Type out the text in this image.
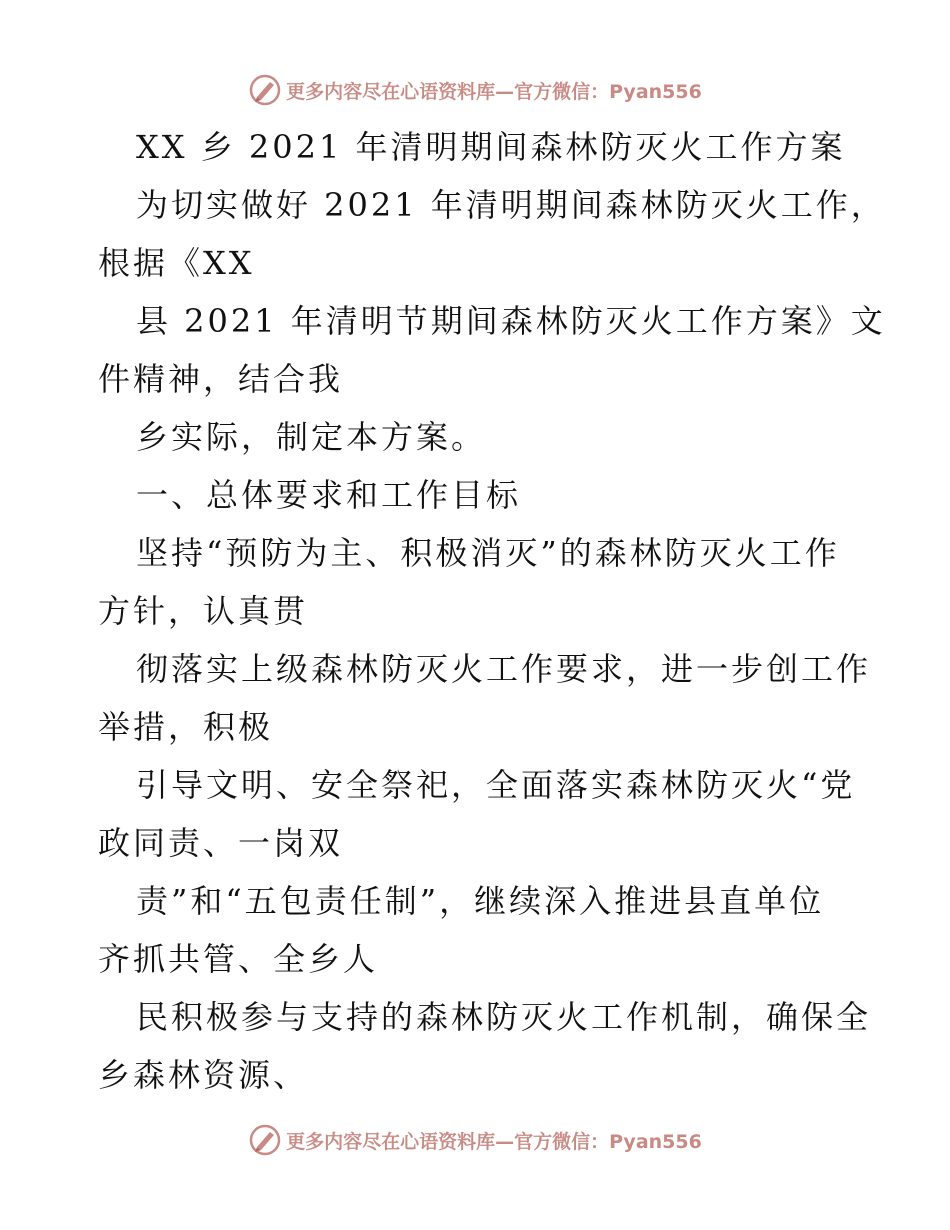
更多内容尽在心语资料库—官方微信：Pyan556
XX 乡 2021 年清明期间森林防灭火工作方案
为切实做好 2021 年清明期间森林防灭火工作，
根据《XX
县 2021 年清明节期间森林防灭火工作方案》文
件精神，结合我
乡实际，制定本方案。
一、总体要求和工作目标
坚持“预防为主、积极消灭”的森林防灭火工作
方针，认真贯
彻落实上级森林防灭火工作要求，进一步创工作
举措，积极
引导文明、安全祭祀，全面落实森林防灭火“党
政同责、一岗双
责”和“五包责任制”，继续深入推进县直单位
齐抓共管、全乡人
民积极参与支持的森林防灭火工作机制，确保全
乡森林资源、
更多内容尽在心语资料库—官方微信：Pyan556
